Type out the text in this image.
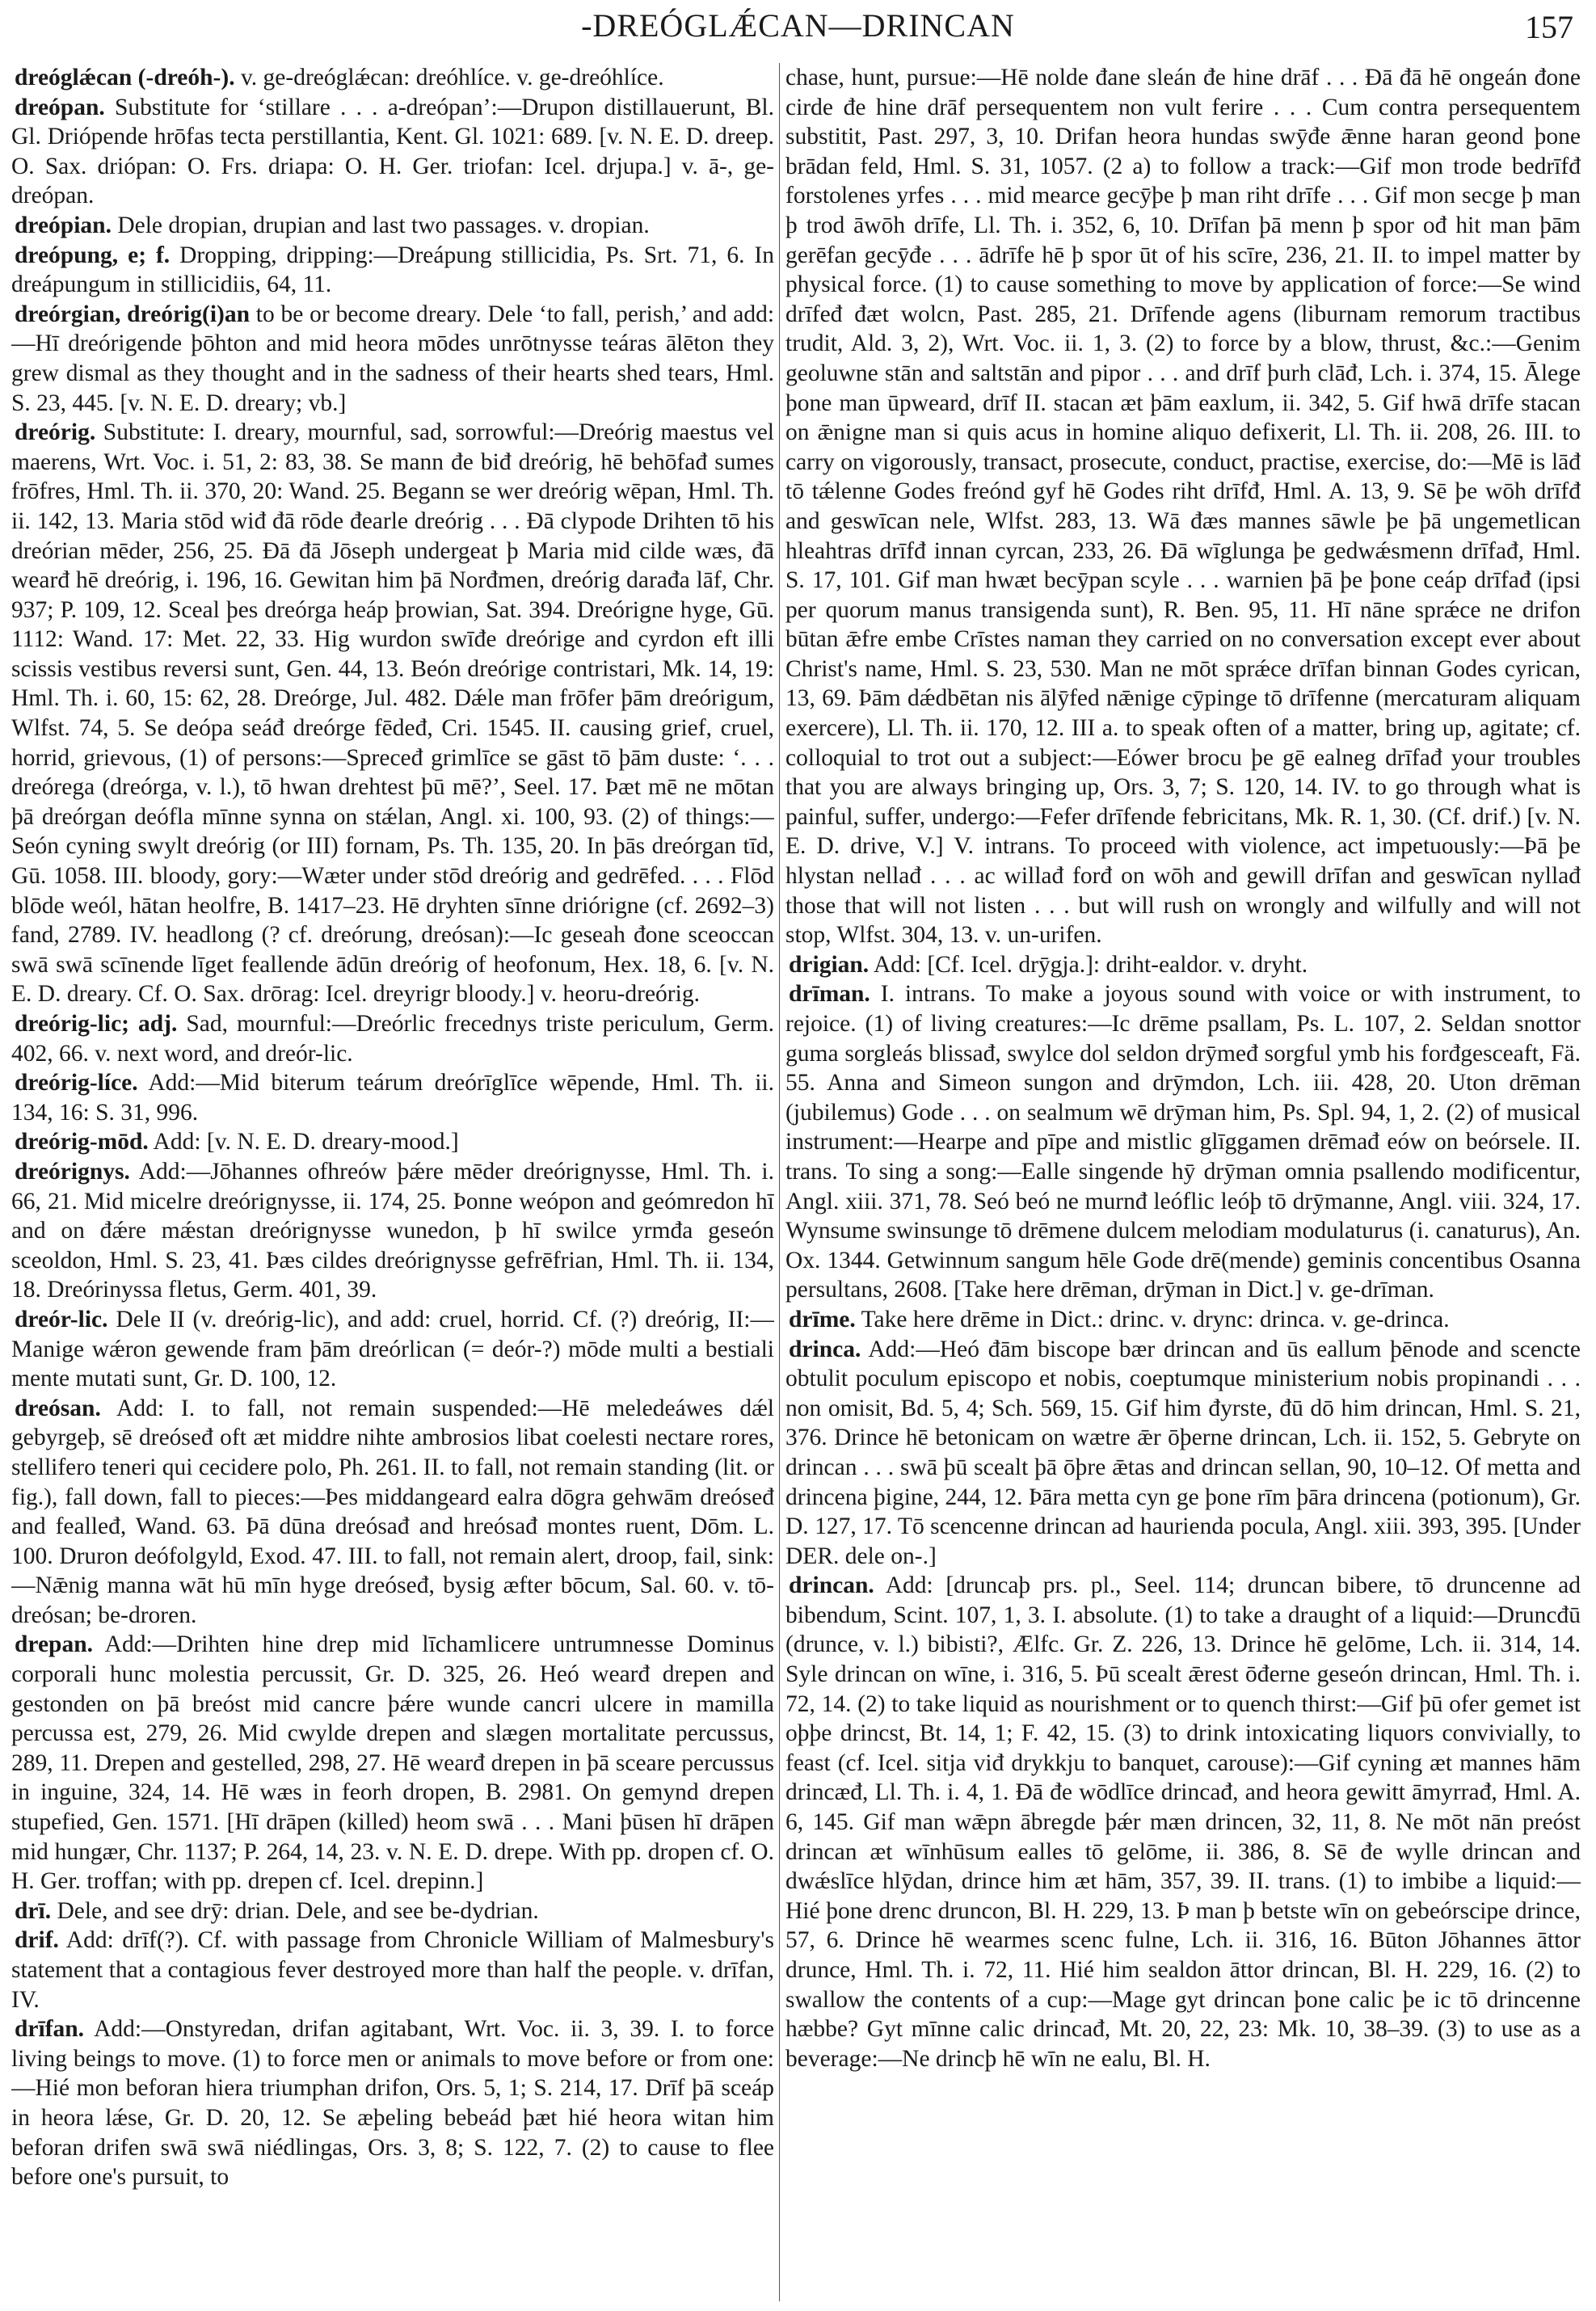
-DREÓGLǼCAN—DRINCAN	157

dreóglǽcan (-dreóh-). v. ge-dreóglǽcan: dreóhlíce. v. ge-dreóhlíce.

dreópan. Substitute for ‘stillare . . . a-dreópan’:—Drupon distillauerunt, Bl. Gl. Driópende hrōfas tecta perstillantia, Kent. Gl. 1021: 689. [v. N. E. D. dreep. O. Sax. driópan: O. Frs. driapa: O. H. Ger. triofan: Icel. drjupa.] v. ā-, ge-dreópan.

dreópian. Dele dropian, drupian and last two passages. v. dropian.

dreópung, e; f. Dropping, dripping:—Dreápung stillicidia, Ps. Srt. 71, 6. In dreápungum in stillicidiis, 64, 11.

dreórgian, dreórig(i)an to be or become dreary. Dele ‘to fall, perish,’ and add:—Hī dreórigende þōhton and mid heora mōdes unrōtnysse teáras ālēton they grew dismal as they thought and in the sadness of their hearts shed tears, Hml. S. 23, 445. [v. N. E. D. dreary; vb.]

dreórig. Substitute: I. dreary, mournful, sad, sorrowful:—Dreórig maestus vel maerens, Wrt. Voc. i. 51, 2: 83, 38. Se mann đe biđ dreórig, hē behōfađ sumes frōfres, Hml. Th. ii. 370, 20: Wand. 25. Begann se wer dreórig wēpan, Hml. Th. ii. 142, 13. Maria stōd wiđ đā rōde đearle dreórig . . . Đā clypode Drihten tō his dreórian mēder, 256, 25. Đā đā Jōseph undergeat þ Maria mid cilde wæs, đā wearđ hē dreórig, i. 196, 16. Gewitan him þā Norđmen, dreórig darađa lāf, Chr. 937; P. 109, 12. Sceal þes dreórga heáp þrowian, Sat. 394. Dreórigne hyge, Gū. 1112: Wand. 17: Met. 22, 33. Hig wurdon swīđe dreórige and cyrdon eft illi scissis vestibus reversi sunt, Gen. 44, 13. Beón dreórige contristari, Mk. 14, 19: Hml. Th. i. 60, 15: 62, 28. Dreórge, Jul. 482. Dǽle man frōfer þām dreórigum, Wlfst. 74, 5. Se deópa seáđ dreórge fēdeđ, Cri. 1545. II. causing grief, cruel, horrid, grievous, (1) of persons:—Spreceđ grimlīce se gāst tō þām duste: ‘. . . dreórega (dreórga, v. l.), tō hwan drehtest þū mē?’, Seel. 17. Þæt mē ne mōtan þā dreórgan deófla mīnne synna on stǽlan, Angl. xi. 100, 93. (2) of things:—Seón cyning swylt dreórig (or III) fornam, Ps. Th. 135, 20. In þās dreórgan tīd, Gū. 1058. III. bloody, gory:—Wæter under stōd dreórig and gedrēfed. . . . Flōd blōde weól, hātan heolfre, B. 1417–23. Hē dryhten sīnne driórigne (cf. 2692–3) fand, 2789. IV. headlong (? cf. dreórung, dreósan):—Ic geseah đone sceoccan swā swā scīnende līget feallende ādūn dreórig of heofonum, Hex. 18, 6. [v. N. E. D. dreary. Cf. O. Sax. drōrag: Icel. dreyrigr bloody.] v. heoru-dreórig.

dreórig-lic; adj. Sad, mournful:—Dreórlic frecednys triste periculum, Germ. 402, 66. v. next word, and dreór-lic.

dreórig-líce. Add:—Mid biterum teárum dreórīglīce wēpende, Hml. Th. ii. 134, 16: S. 31, 996.

dreórig-mōd. Add: [v. N. E. D. dreary-mood.]

dreórignys. Add:—Jōhannes ofhreów þǽre mēder dreórignysse, Hml. Th. i. 66, 21. Mid micelre dreórignysse, ii. 174, 25. Þonne weópon and geómredon hī and on đǽre mǽstan dreórignysse wunedon, þ hī swilce yrmđa geseón sceoldon, Hml. S. 23, 41. Þæs cildes dreórignysse gefrēfrian, Hml. Th. ii. 134, 18. Dreórinyssa fletus, Germ. 401, 39.

dreór-lic. Dele II (v. dreórig-lic), and add: cruel, horrid. Cf. (?) dreórig, II:—Manige wǽron gewende fram þām dreórlican (= deór-?) mōde multi a bestiali mente mutati sunt, Gr. D. 100, 12.

dreósan. Add: I. to fall, not remain suspended:—Hē meledeáwes dǽl gebyrgeþ, sē dreóseđ oft æt middre nihte ambrosios libat coelesti nectare rores, stellifero teneri qui cecidere polo, Ph. 261. II. to fall, not remain standing (lit. or fig.), fall down, fall to pieces:—Þes middangeard ealra dōgra gehwām dreóseđ and fealleđ, Wand. 63. Þā dūna dreósađ and hreósađ montes ruent, Dōm. L. 100. Druron deófolgyld, Exod. 47. III. to fall, not remain alert, droop, fail, sink:—Nǣnig manna wāt hū mīn hyge dreóseđ, bysig æfter bōcum, Sal. 60. v. tō-dreósan; be-droren.

drepan. Add:—Drihten hine drep mid līchamlicere untrumnesse Dominus corporali hunc molestia percussit, Gr. D. 325, 26. Heó wearđ drepen and gestonden on þā breóst mid cancre þǽre wunde cancri ulcere in mamilla percussa est, 279, 26. Mid cwylde drepen and slægen mortalitate percussus, 289, 11. Drepen and gestelled, 298, 27. Hē wearđ drepen in þā sceare percussus in inguine, 324, 14. Hē wæs in feorh dropen, B. 2981. On gemynd drepen stupefied, Gen. 1571. [Hī drāpen (killed) heom swā . . . Mani þūsen hī drāpen mid hungær, Chr. 1137; P. 264, 14, 23. v. N. E. D. drepe. With pp. dropen cf. O. H. Ger. troffan; with pp. drepen cf. Icel. drepinn.]

drī. Dele, and see drȳ: drian. Dele, and see be-dydrian.

drif. Add: drīf(?). Cf. with passage from Chronicle William of Malmesbury's statement that a contagious fever destroyed more than half the people. v. drīfan, IV.

drīfan. Add:—Onstyredan, drifan agitabant, Wrt. Voc. ii. 3, 39. I. to force living beings to move. (1) to force men or animals to move before or from one:—Hié mon beforan hiera triumphan drifon, Ors. 5, 1; S. 214, 17. Drīf þā sceáp in heora lǽse, Gr. D. 20, 12. Se æþeling bebeád þæt hié heora witan him beforan drifen swā swā niédlingas, Ors. 3, 8; S. 122, 7. (2) to cause to flee before one's pursuit, to

chase, hunt, pursue:—Hē nolde đane sleán đe hine drāf . . . Đā đā hē ongeán đone cirde đe hine drāf persequentem non vult ferire . . . Cum contra persequentem substitit, Past. 297, 3, 10. Drifan heora hundas swȳđe ǣnne haran geond þone brādan feld, Hml. S. 31, 1057. (2 a) to follow a track:—Gif mon trode bedrīfđ forstolenes yrfes . . . mid mearce gecȳþe þ man riht drīfe . . . Gif mon secge þ man þ trod āwōh drīfe, Ll. Th. i. 352, 6, 10. Drīfan þā menn þ spor ođ hit man þām gerēfan gecȳđe . . . ādrīfe hē þ spor ūt of his scīre, 236, 21. II. to impel matter by physical force. (1) to cause something to move by application of force:—Se wind drīfeđ đæt wolcn, Past. 285, 21. Drīfende agens (liburnam remorum tractibus trudit, Ald. 3, 2), Wrt. Voc. ii. 1, 3. (2) to force by a blow, thrust, &c.:—Genim geoluwne stān and saltstān and pipor . . . and drīf þurh clāđ, Lch. i. 374, 15. Ālege þone man ūpweard, drīf II. stacan æt þām eaxlum, ii. 342, 5. Gif hwā drīfe stacan on ǣnigne man si quis acus in homine aliquo defixerit, Ll. Th. ii. 208, 26. III. to carry on vigorously, transact, prosecute, conduct, practise, exercise, do:—Mē is lāđ tō tǽlenne Godes freónd gyf hē Godes riht drīfđ, Hml. A. 13, 9. Sē þe wōh drīfđ and geswīcan nele, Wlfst. 283, 13. Wā đæs mannes sāwle þe þā ungemetlican hleahtras drīfđ innan cyrcan, 233, 26. Đā wīglunga þe gedwǽsmenn drīfađ, Hml. S. 17, 101. Gif man hwæt becȳpan scyle . . . warnien þā þe þone ceáp drīfađ (ipsi per quorum manus transigenda sunt), R. Ben. 95, 11. Hī nāne sprǽce ne drifon būtan ǣfre embe Crīstes naman they carried on no conversation except ever about Christ's name, Hml. S. 23, 530. Man ne mōt sprǽce drīfan binnan Godes cyrican, 13, 69. Þām dǽdbētan nis ālȳfed nǣnige cȳpinge tō drīfenne (mercaturam aliquam exercere), Ll. Th. ii. 170, 12. III a. to speak often of a matter, bring up, agitate; cf. colloquial to trot out a subject:—Eówer brocu þe gē ealneg drīfađ your troubles that you are always bringing up, Ors. 3, 7; S. 120, 14. IV. to go through what is painful, suffer, undergo:—Fefer drīfende febricitans, Mk. R. 1, 30. (Cf. drif.) [v. N. E. D. drive, V.] V. intrans. To proceed with violence, act impetuously:—Þā þe hlystan nellađ . . . ac willađ forđ on wōh and gewill drīfan and geswīcan nyllađ those that will not listen . . . but will rush on wrongly and wilfully and will not stop, Wlfst. 304, 13. v. un-urifen.

drigian. Add: [Cf. Icel. drȳgja.]: driht-ealdor. v. dryht.

drīman. I. intrans. To make a joyous sound with voice or with instrument, to rejoice. (1) of living creatures:—Ic drēme psallam, Ps. L. 107, 2. Seldan snottor guma sorgleás blissađ, swylce dol seldon drȳmeđ sorgful ymb his forđgesceaft, Fä. 55. Anna and Simeon sungon and drȳmdon, Lch. iii. 428, 20. Uton drēman (jubilemus) Gode . . . on sealmum wē drȳman him, Ps. Spl. 94, 1, 2. (2) of musical instrument:—Hearpe and pīpe and mistlic glīggamen drēmađ eów on beórsele. II. trans. To sing a song:—Ealle singende hȳ drȳman omnia psallendo modificentur, Angl. xiii. 371, 78. Seó beó ne murnđ leóflic leóþ tō drȳmanne, Angl. viii. 324, 17. Wynsume swinsunge tō drēmene dulcem melodiam modulaturus (i. canaturus), An. Ox. 1344. Getwinnum sangum hēle Gode drē(mende) geminis concentibus Osanna persultans, 2608. [Take here drēman, drȳman in Dict.] v. ge-drīman.

drīme. Take here drēme in Dict.: drinc. v. drync: drinca. v. ge-drinca.

drinca. Add:—Heó đām biscope bær drincan and ūs eallum þēnode and scencte obtulit poculum episcopo et nobis, coeptumque ministerium nobis propinandi . . . non omisit, Bd. 5, 4; Sch. 569, 15. Gif him đyrste, đū dō him drincan, Hml. S. 21, 376. Drince hē betonicam on wætre ǣr ōþerne drincan, Lch. ii. 152, 5. Gebryte on drincan . . . swā þū scealt þā ōþre ǣtas and drincan sellan, 90, 10–12. Of metta and drincena þigine, 244, 12. Þāra metta cyn ge þone rīm þāra drincena (potionum), Gr. D. 127, 17. Tō scencenne drincan ad hauriendа pocula, Angl. xiii. 393, 395. [Under DER. dele on-.]

drincan. Add: [druncaþ prs. pl., Seel. 114; druncan bibere, tō druncenne ad bibendum, Scint. 107, 1, 3. I. absolute. (1) to take a draught of a liquid:—Druncđū (drunce, v. l.) bibisti?, Ælfc. Gr. Z. 226, 13. Drince hē gelōme, Lch. ii. 314, 14. Syle drincan on wīne, i. 316, 5. Þū scealt ǣrest ōđerne geseón drincan, Hml. Th. i. 72, 14. (2) to take liquid as nourishment or to quench thirst:—Gif þū ofer gemet ist oþþe drincst, Bt. 14, 1; F. 42, 15. (3) to drink intoxicating liquors convivially, to feast (cf. Icel. sitja viđ drykkju to banquet, carouse):—Gif cyning æt mannes hām drincæđ, Ll. Th. i. 4, 1. Đā đe wōdlīce drincađ, and heora gewitt āmyrrađ, Hml. A. 6, 145. Gif man wǣpn ābregde þǽr mæn drincen, 32, 11, 8. Ne mōt nān preóst drincan æt wīnhūsum ealles tō gelōme, ii. 386, 8. Sē đe wylle drincan and dwǽslīce hlȳdan, drince him æt hām, 357, 39. II. trans. (1) to imbibe a liquid:—Hié þone drenc druncon, Bl. H. 229, 13. Þ man þ betste wīn on gebeórscipe drince, 57, 6. Drince hē wearmes scenc fulne, Lch. ii. 316, 16. Būton Jōhannes āttor drunce, Hml. Th. i. 72, 11. Hié him sealdon āttor drincan, Bl. H. 229, 16. (2) to swallow the contents of a cup:—Mage gyt drincan þone calic þe ic tō drincenne hæbbe? Gyt mīnne calic drincađ, Mt. 20, 22, 23: Mk. 10, 38–39. (3) to use as a beverage:—Ne drincþ hē wīn ne ealu, Bl. H.
